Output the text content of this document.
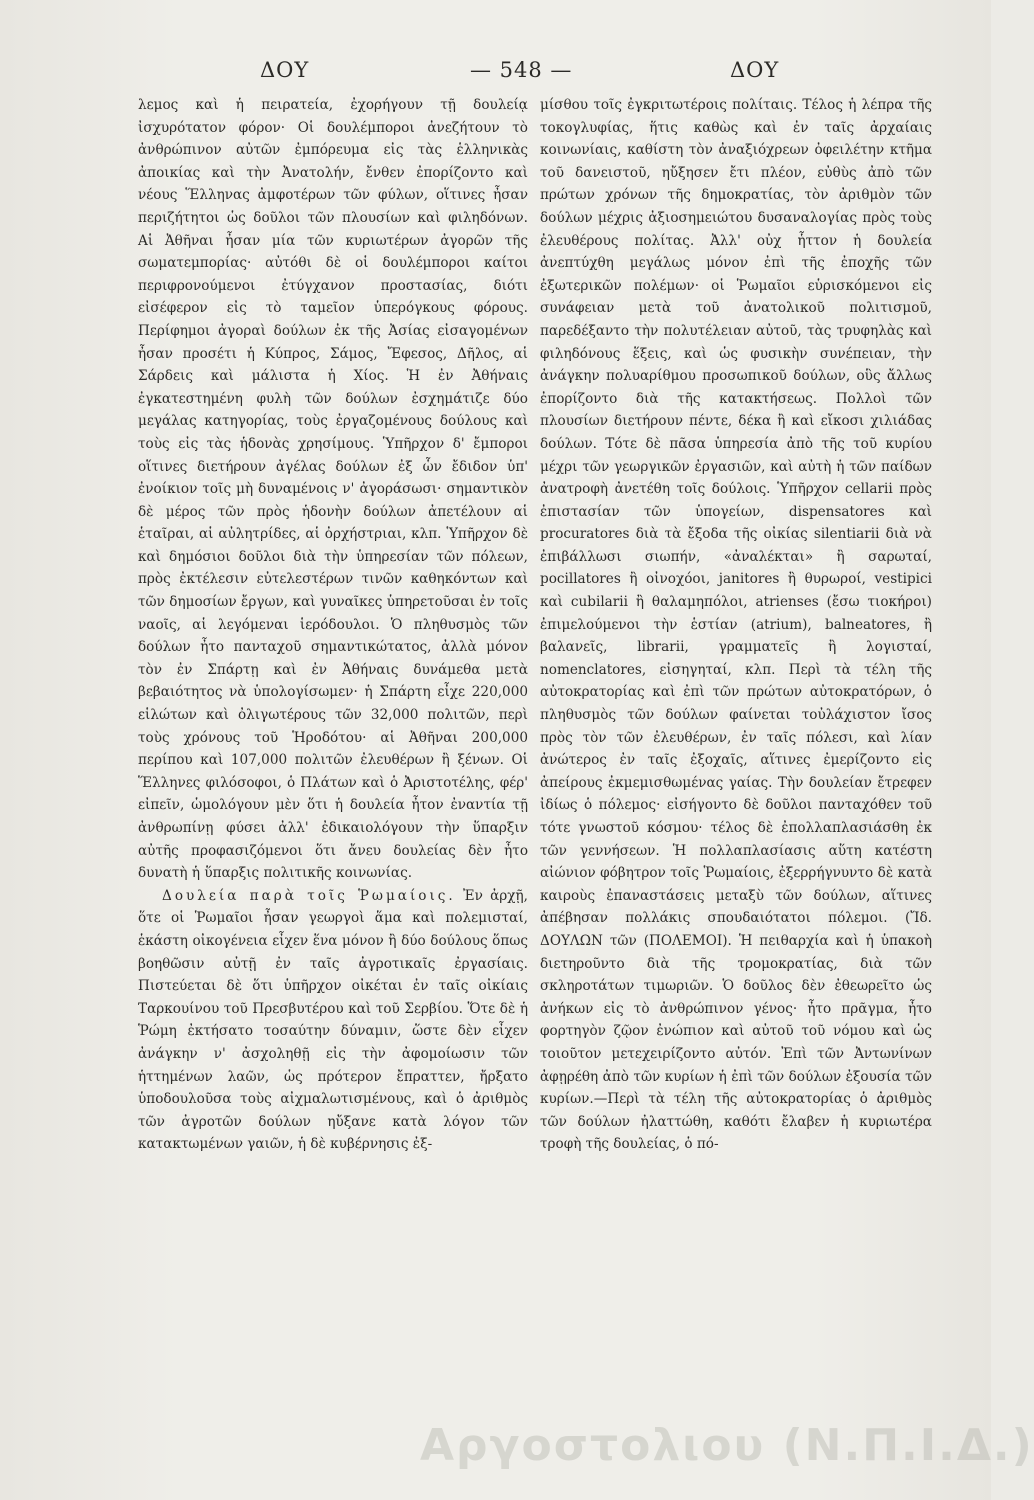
ΔΟΥ	— 548 —	ΔΟΥ

λεμος καὶ ἡ πειρατεία, ἐχορήγουν τῇ δουλείᾳ ἰσχυρότατον φόρον· Οἱ δουλέμποροι ἀνεζήτουν τὸ ἀνθρώπινον αὐτῶν ἐμπόρευμα εἰς τὰς ἑλληνικὰς ἀποικίας καὶ τὴν Ἀνατολήν, ἔνθεν ἐπορίζοντο καὶ νέους Ἕλληνας ἀμφοτέρων τῶν φύλων, οἵτινες ἦσαν περιζήτητοι ὡς δοῦλοι τῶν πλουσίων καὶ φιληδόνων. Αἱ Ἀθῆναι ἦσαν μία τῶν κυριωτέρων ἀγορῶν τῆς σωματεμπορίας· αὐτόθι δὲ οἱ δουλέμποροι καίτοι περιφρονούμενοι ἐτύγχανον προστασίας, διότι εἰσέφερον εἰς τὸ ταμεῖον ὑπερόγκους φόρους. Περίφημοι ἀγοραὶ δούλων ἐκ τῆς Ἀσίας εἰσαγομένων ἦσαν προσέτι ἡ Κύπρος, Σάμος, Ἔφεσος, Δῆλος, αἱ Σάρδεις καὶ μάλιστα ἡ Χίος. Ἡ ἐν Ἀθήναις ἐγκατεστημένη φυλὴ τῶν δούλων ἐσχημάτιζε δύο μεγάλας κατηγορίας, τοὺς ἐργαζομένους δούλους καὶ τοὺς εἰς τὰς ἡδονὰς χρησίμους. Ὑπῆρχον δ' ἔμποροι οἵτινες διετήρουν ἀγέλας δούλων ἐξ ὧν ἔδιδον ὑπ' ἐνοίκιον τοῖς μὴ δυναμένοις ν' ἀγοράσωσι· σημαντικὸν δὲ μέρος τῶν πρὸς ἡδονὴν δούλων ἀπετέλουν αἱ ἑταῖραι, αἱ αὐλητρίδες, αἱ ὀρχήστριαι, κλπ. Ὑπῆρχον δὲ καὶ δημόσιοι δοῦλοι διὰ τὴν ὑπηρεσίαν τῶν πόλεων, πρὸς ἐκτέλεσιν εὐτελεστέρων τινῶν καθηκόντων καὶ τῶν δημοσίων ἔργων, καὶ γυναῖκες ὑπηρετοῦσαι ἐν τοῖς ναοῖς, αἱ λεγόμεναι ἱερόδουλοι. Ὁ πληθυσμὸς τῶν δούλων ἦτο πανταχοῦ σημαντικώτατος, ἀλλὰ μόνον τὸν ἐν Σπάρτῃ καὶ ἐν Ἀθήναις δυνάμεθα μετὰ βεβαιότητος νὰ ὑπολογίσωμεν· ἡ Σπάρτη εἶχε 220,000 εἱλώτων καὶ ὀλιγωτέρους τῶν 32,000 πολιτῶν, περὶ τοὺς χρόνους τοῦ Ἡροδότου· αἱ Ἀθῆναι 200,000 περίπου καὶ 107,000 πολιτῶν ἐλευθέρων ἢ ξένων. Οἱ Ἕλληνες φιλόσοφοι, ὁ Πλάτων καὶ ὁ Ἀριστοτέλης, φέρ' εἰπεῖν, ὡμολόγουν μὲν ὅτι ἡ δουλεία ἦτον ἐναντία τῇ ἀνθρωπίνῃ φύσει ἀλλ' ἐδικαιολόγουν τὴν ὕπαρξιν αὐτῆς προφασιζόμενοι ὅτι ἄνευ δουλείας δὲν ἦτο δυνατὴ ἡ ὕπαρξις πολιτικῆς κοινωνίας.

Δουλεία παρὰ τοῖς Ῥωμαίοις. Ἐν ἀρχῇ, ὅτε οἱ Ῥωμαῖοι ἦσαν γεωργοὶ ἅμα καὶ πολεμισταί, ἑκάστη οἰκογένεια εἶχεν ἕνα μόνον ἢ δύο δούλους ὅπως βοηθῶσιν αὐτῇ ἐν ταῖς ἀγροτικαῖς ἐργασίαις. Πιστεύεται δὲ ὅτι ὑπῆρχον οἰκέται ἐν ταῖς οἰκίαις Ταρκουίνου τοῦ Πρεσβυτέρου καὶ τοῦ Σερβίου. Ὅτε δὲ ἡ Ῥώμη ἐκτήσατο τοσαύτην δύναμιν, ὥστε δὲν εἶχεν ἀνάγκην ν' ἀσχοληθῇ εἰς τὴν ἀφομοίωσιν τῶν ἡττημένων λαῶν, ὡς πρότερον ἔπραττεν, ἤρξατο ὑποδουλοῦσα τοὺς αἰχμαλωτισμένους, καὶ ὁ ἀριθμὸς τῶν ἀγροτῶν δούλων ηὔξανε κατὰ λόγον τῶν κατακτωμένων γαιῶν, ἡ δὲ κυβέρνησις ἐξ-

μίσθου τοῖς ἐγκριτωτέροις πολίταις. Τέλος ἡ λέπρα τῆς τοκογλυφίας, ἥτις καθὼς καὶ ἐν ταῖς ἀρχαίαις κοινωνίαις, καθίστη τὸν ἀναξιόχρεων ὀφειλέτην κτῆμα τοῦ δανειστοῦ, ηὔξησεν ἔτι πλέον, εὐθὺς ἀπὸ τῶν πρώτων χρόνων τῆς δημοκρατίας, τὸν ἀριθμὸν τῶν δούλων μέχρις ἀξιοσημειώτου δυσαναλογίας πρὸς τοὺς ἐλευθέρους πολίτας. Ἀλλ' οὐχ ἧττον ἡ δουλεία ἀνεπτύχθη μεγάλως μόνον ἐπὶ τῆς ἐποχῆς τῶν ἐξωτερικῶν πολέμων· οἱ Ῥωμαῖοι εὑρισκόμενοι εἰς συνάφειαν μετὰ τοῦ ἀνατολικοῦ πολιτισμοῦ, παρεδέξαντο τὴν πολυτέλειαν αὐτοῦ, τὰς τρυφηλὰς καὶ φιληδόνους ἕξεις, καὶ ὡς φυσικὴν συνέπειαν, τὴν ἀνάγκην πολυαρίθμου προσωπικοῦ δούλων, οὓς ἄλλως ἐπορίζοντο διὰ τῆς κατακτήσεως. Πολλοὶ τῶν πλουσίων διετήρουν πέντε, δέκα ἢ καὶ εἴκοσι χιλιάδας δούλων. Τότε δὲ πᾶσα ὑπηρεσία ἀπὸ τῆς τοῦ κυρίου μέχρι τῶν γεωργικῶν ἐργασιῶν, καὶ αὐτὴ ἡ τῶν παίδων ἀνατροφὴ ἀνετέθη τοῖς δούλοις. Ὑπῆρχον cellarii πρὸς ἐπιστασίαν τῶν ὑπογείων, dispensatores καὶ procuratores διὰ τὰ ἔξοδα τῆς οἰκίας silentiarii διὰ νὰ ἐπιβάλλωσι σιωπήν, «ἀναλέκται» ἢ σαρωταί, pocillatores ἢ οἰνοχόοι, janitores ἢ θυρωροί, vestipici καὶ cubilarii ἢ θαλαμηπόλοι, atrienses (ἔσω τιοκήροι) ἐπιμελούμενοι τὴν ἑστίαν (atrium), balneatores, ἢ βαλανεῖς, librarii, γραμματεῖς ἢ λογισταί, nomenclatores, εἰσηγηταί, κλπ. Περὶ τὰ τέλη τῆς αὐτοκρατορίας καὶ ἐπὶ τῶν πρώτων αὐτοκρατόρων, ὁ πληθυσμὸς τῶν δούλων φαίνεται τοὐλάχιστον ἴσος πρὸς τὸν τῶν ἐλευθέρων, ἐν ταῖς πόλεσι, καὶ λίαν ἀνώτερος ἐν ταῖς ἐξοχαῖς, αἵτινες ἐμερίζοντο εἰς ἀπείρους ἐκμεμισθωμένας γαίας. Τὴν δουλείαν ἔτρεφεν ἰδίως ὁ πόλεμος· εἰσήγοντο δὲ δοῦλοι πανταχόθεν τοῦ τότε γνωστοῦ κόσμου· τέλος δὲ ἐπολλαπλασιάσθη ἐκ τῶν γεννήσεων. Ἡ πολλαπλασίασις αὕτη κατέστη αἰώνιον φόβητρον τοῖς Ῥωμαίοις, ἐξερρήγνυντο δὲ κατὰ καιροὺς ἐπαναστάσεις μεταξὺ τῶν δούλων, αἵτινες ἀπέβησαν πολλάκις σπουδαιότατοι πόλεμοι. (Ἴδ. ΔΟΥΛΩΝ τῶν (ΠΟΛΕΜΟΙ). Ἡ πειθαρχία καὶ ἡ ὑπακοὴ διετηροῦντο διὰ τῆς τρομοκρατίας, διὰ τῶν σκληροτάτων τιμωριῶν. Ὁ δοῦλος δὲν ἐθεωρεῖτο ὡς ἀνήκων εἰς τὸ ἀνθρώπινον γένος· ἦτο πρᾶγμα, ἦτο φορτηγὸν ζῷον ἐνώπιον καὶ αὐτοῦ τοῦ νόμου καὶ ὡς τοιοῦτον μετεχειρίζοντο αὐτόν. Ἐπὶ τῶν Ἀντωνίνων ἀφῃρέθη ἀπὸ τῶν κυρίων ἡ ἐπὶ τῶν δούλων ἐξουσία τῶν κυρίων.—Περὶ τὰ τέλη τῆς αὐτοκρατορίας ὁ ἀριθμὸς τῶν δούλων ἠλαττώθη, καθότι ἔλαβεν ἡ κυριωτέρα τροφὴ τῆς δουλείας, ὁ πό-

Αργοστολιου (Ν.Π.Ι.Δ.)
